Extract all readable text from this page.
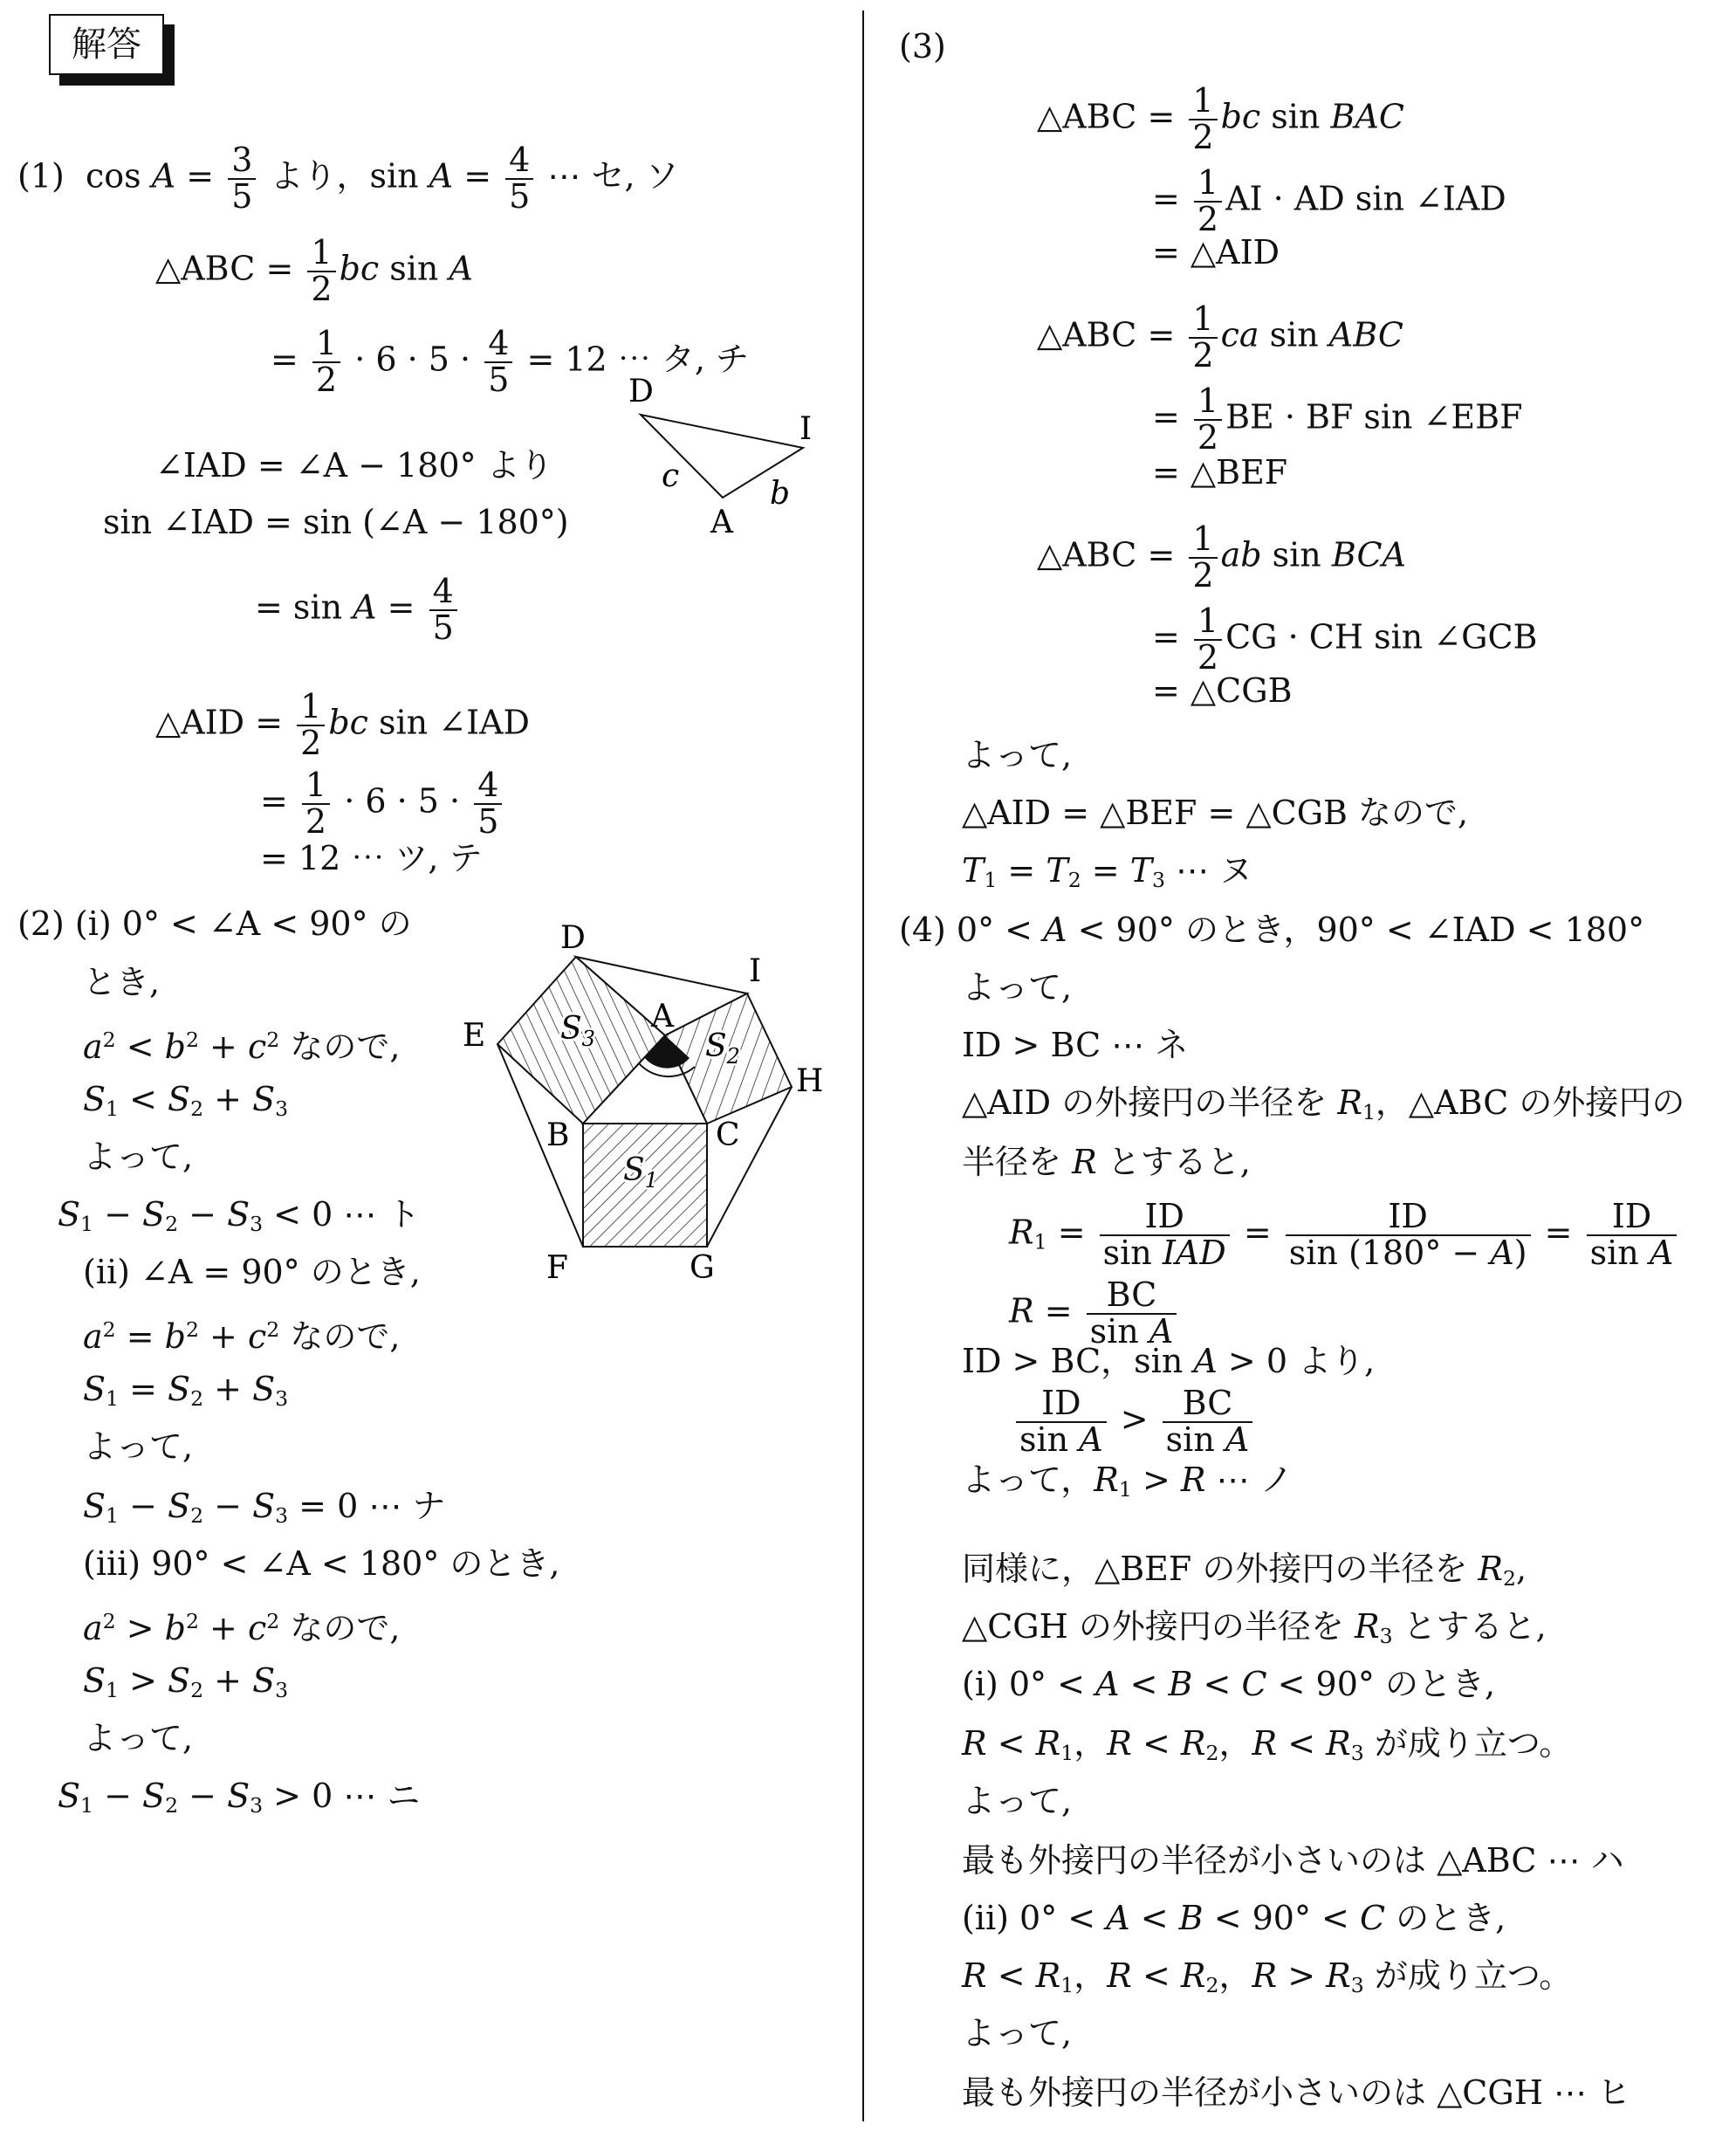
解答
(1)  $\cos A = \frac{3}{5}$ より，$\sin A = \frac{4}{5}$ ⋯ セ, ソ
△ABC = $\frac{1}{2}$ bc sin A
= $\frac{1}{2} \cdot 6 \cdot 5 \cdot \frac{4}{5} = 12$ ⋯ タ, チ
D
I
A
c	b
∠IAD = ∠A − 180° より
sin ∠IAD = sin (∠A − 180°)
= $\sin A = \frac{4}{5}$
△AID = $\frac{1}{2}$ bc sin ∠IAD
= $\frac{1}{2} \cdot 6 \cdot 5 \cdot \frac{4}{5}$
= 12 ⋯ ツ, テ
(2) (i) 0° < ∠A < 90° の
とき,
$a^2 < b^2 + c^2$ なので,
$S_1 < S_2 + S_3$
よって,
$S_1 - S_2 - S_3 < 0$ ⋯ ト
(ii) ∠A = 90° のとき,
$a^2 = b^2 + c^2$ なので,
$S_1 = S_2 + S_3$
よって,
$S_1 - S_2 - S_3 = 0$ ⋯ ナ
(iii) 90° < ∠A < 180° のとき,
$a^2 > b^2 + c^2$ なので,
$S_1 > S_2 + S_3$
よって,
$S_1 - S_2 - S_3 > 0$ ⋯ ニ
D
I
E
A
H
B	C
F	G
$S_1$
$S_3$	$S_2$
(3)
△ABC = $\frac{1}{2}$ bc sin BAC
= $\frac{1}{2}$ AI · AD sin ∠IAD
= △AID
△ABC = $\frac{1}{2}$ ca sin ABC
= $\frac{1}{2}$ BE · BF sin ∠EBF
= △BEF
△ABC = $\frac{1}{2}$ ab sin BCA
= $\frac{1}{2}$ CG · CH sin ∠GCB
= △CGB
よって,
△AID = △BEF = △CGB なので,
$T_1 = T_2 = T_3$ ⋯ ヌ
(4) 0° < A < 90° のとき，90° < ∠IAD < 180°
よって,
ID > BC ⋯ ネ
△AID の外接円の半径を $R_1$，△ABC の外接円の
半径を R とすると,
$R_1 = \frac{ID}{\text{sin IAD}} = \frac{ID}{\sin (180^\circ - A)} = \frac{ID}{\text{sin A}}$
$R = \frac{BC}{\text{sin A}}$
ID > BC，sin A > 0 より,
$\frac{ID}{\text{sin A}} > \frac{BC}{\text{sin A}}$
よって，$R_1 > R$ ⋯ ノ
同様に，△BEF の外接円の半径を $R_2$,
△CGH の外接円の半径を $R_3$ とすると,
(i) 0° < A < B < C < 90° のとき,
$R < R_1$，$R < R_2$，$R < R_3$ が成り立つ。
よって,
最も外接円の半径が小さいのは △ABC ⋯ ハ
(ii) 0° < A < B < 90° < C のとき,
$R < R_1$，$R < R_2$，$R > R_3$ が成り立つ。
よって,
最も外接円の半径が小さいのは △CGH ⋯ ヒ
